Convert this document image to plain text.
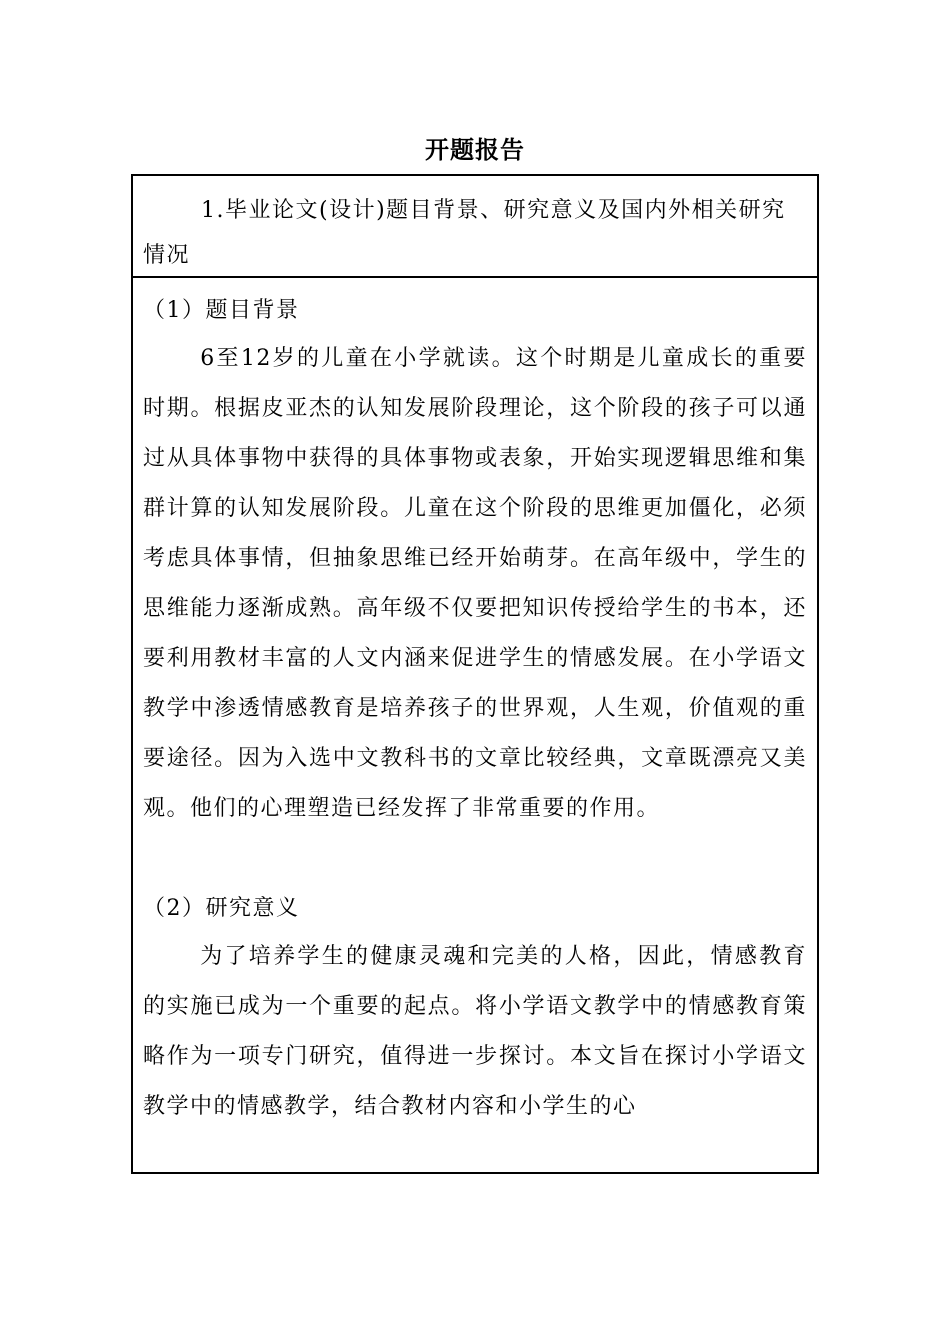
开题报告
1.毕业论文(设计)题目背景、研究意义及国内外相关研究情况
（1）题目背景

6至12岁的儿童在小学就读。这个时期是儿童成长的重要时期。根据皮亚杰的认知发展阶段理论，这个阶段的孩子可以通过从具体事物中获得的具体事物或表象，开始实现逻辑思维和集群计算的认知发展阶段。儿童在这个阶段的思维更加僵化，必须考虑具体事情，但抽象思维已经开始萌芽。在高年级中，学生的思维能力逐渐成熟。高年级不仅要把知识传授给学生的书本，还要利用教材丰富的人文内涵来促进学生的情感发展。在小学语文教学中渗透情感教育是培养孩子的世界观，人生观，价值观的重要途径。因为入选中文教科书的文章比较经典，文章既漂亮又美观。他们的心理塑造已经发挥了非常重要的作用。

（2）研究意义

为了培养学生的健康灵魂和完美的人格，因此，情感教育的实施已成为一个重要的起点。将小学语文教学中的情感教育策略作为一项专门研究，值得进一步探讨。本文旨在探讨小学语文教学中的情感教学，结合教材内容和小学生的心
